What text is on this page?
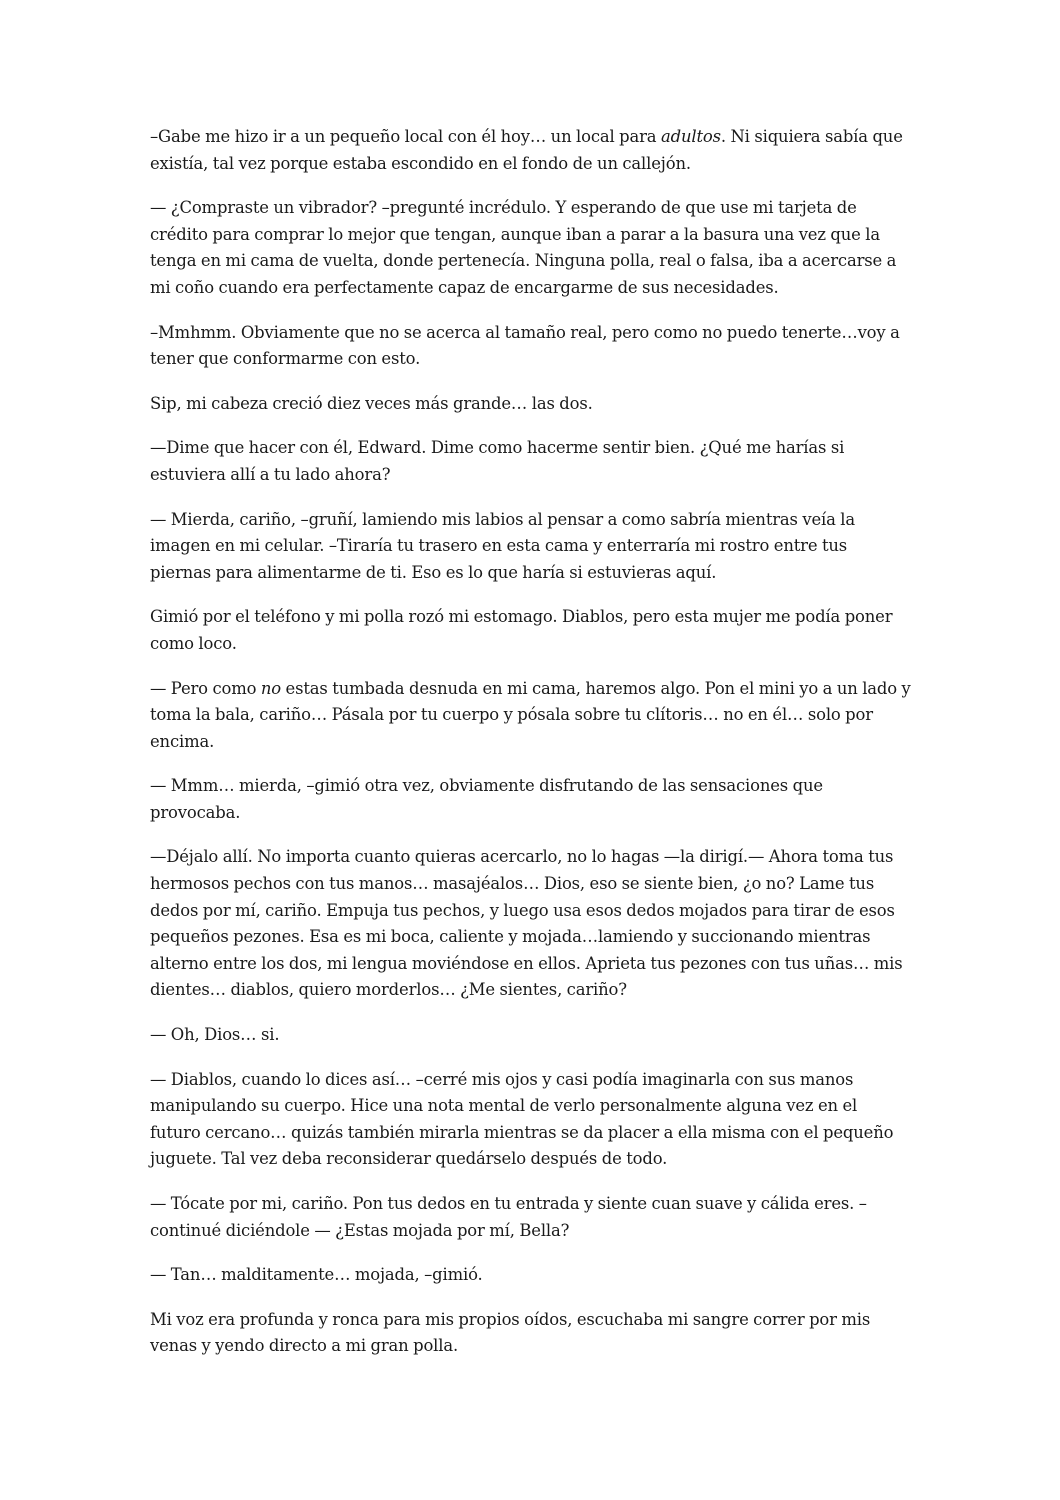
–Gabe me hizo ir a un pequeño local con él hoy… un local para adultos. Ni siquiera sabía que existía, tal vez porque estaba escondido en el fondo de un callejón.

— ¿Compraste un vibrador? –pregunté incrédulo. Y esperando de que use mi tarjeta de crédito para comprar lo mejor que tengan, aunque iban a parar a la basura una vez que la tenga en mi cama de vuelta, donde pertenecía. Ninguna polla, real o falsa, iba a acercarse a mi coño cuando era perfectamente capaz de encargarme de sus necesidades.

–Mmhmm. Obviamente que no se acerca al tamaño real, pero como no puedo tenerte…voy a tener que conformarme con esto.

Sip, mi cabeza creció diez veces más grande… las dos.

—Dime que hacer con él, Edward. Dime como hacerme sentir bien. ¿Qué me harías si estuviera allí a tu lado ahora?

— Mierda, cariño, –gruñí, lamiendo mis labios al pensar a como sabría mientras veía la imagen en mi celular. –Tiraría tu trasero en esta cama y enterraría mi rostro entre tus piernas para alimentarme de ti. Eso es lo que haría si estuvieras aquí.

Gimió por el teléfono y mi polla rozó mi estomago. Diablos, pero esta mujer me podía poner como loco.

— Pero como no estas tumbada desnuda en mi cama, haremos algo. Pon el mini yo a un lado y toma la bala, cariño… Pásala por tu cuerpo y pósala sobre tu clítoris… no en él… solo por encima.

— Mmm… mierda, –gimió otra vez, obviamente disfrutando de las sensaciones que provocaba.

—Déjalo allí. No importa cuanto quieras acercarlo, no lo hagas —la dirigí.— Ahora toma tus hermosos pechos con tus manos… masajéalos… Dios, eso se siente bien, ¿o no? Lame tus dedos por mí, cariño. Empuja tus pechos, y luego usa esos dedos mojados para tirar de esos pequeños pezones. Esa es mi boca, caliente y mojada…lamiendo y succionando mientras alterno entre los dos, mi lengua moviéndose en ellos. Aprieta tus pezones con tus uñas… mis dientes… diablos, quiero morderlos… ¿Me sientes, cariño?

— Oh, Dios… si.

— Diablos, cuando lo dices así… –cerré mis ojos y casi podía imaginarla con sus manos manipulando su cuerpo. Hice una nota mental de verlo personalmente alguna vez en el futuro cercano… quizás también mirarla mientras se da placer a ella misma con el pequeño juguete. Tal vez deba reconsiderar quedárselo después de todo.

— Tócate por mi, cariño. Pon tus dedos en tu entrada y siente cuan suave y cálida eres. –continué diciéndole — ¿Estas mojada por mí, Bella?

— Tan… malditamente… mojada, –gimió.

Mi voz era profunda y ronca para mis propios oídos, escuchaba mi sangre correr por mis venas y yendo directo a mi gran polla.
